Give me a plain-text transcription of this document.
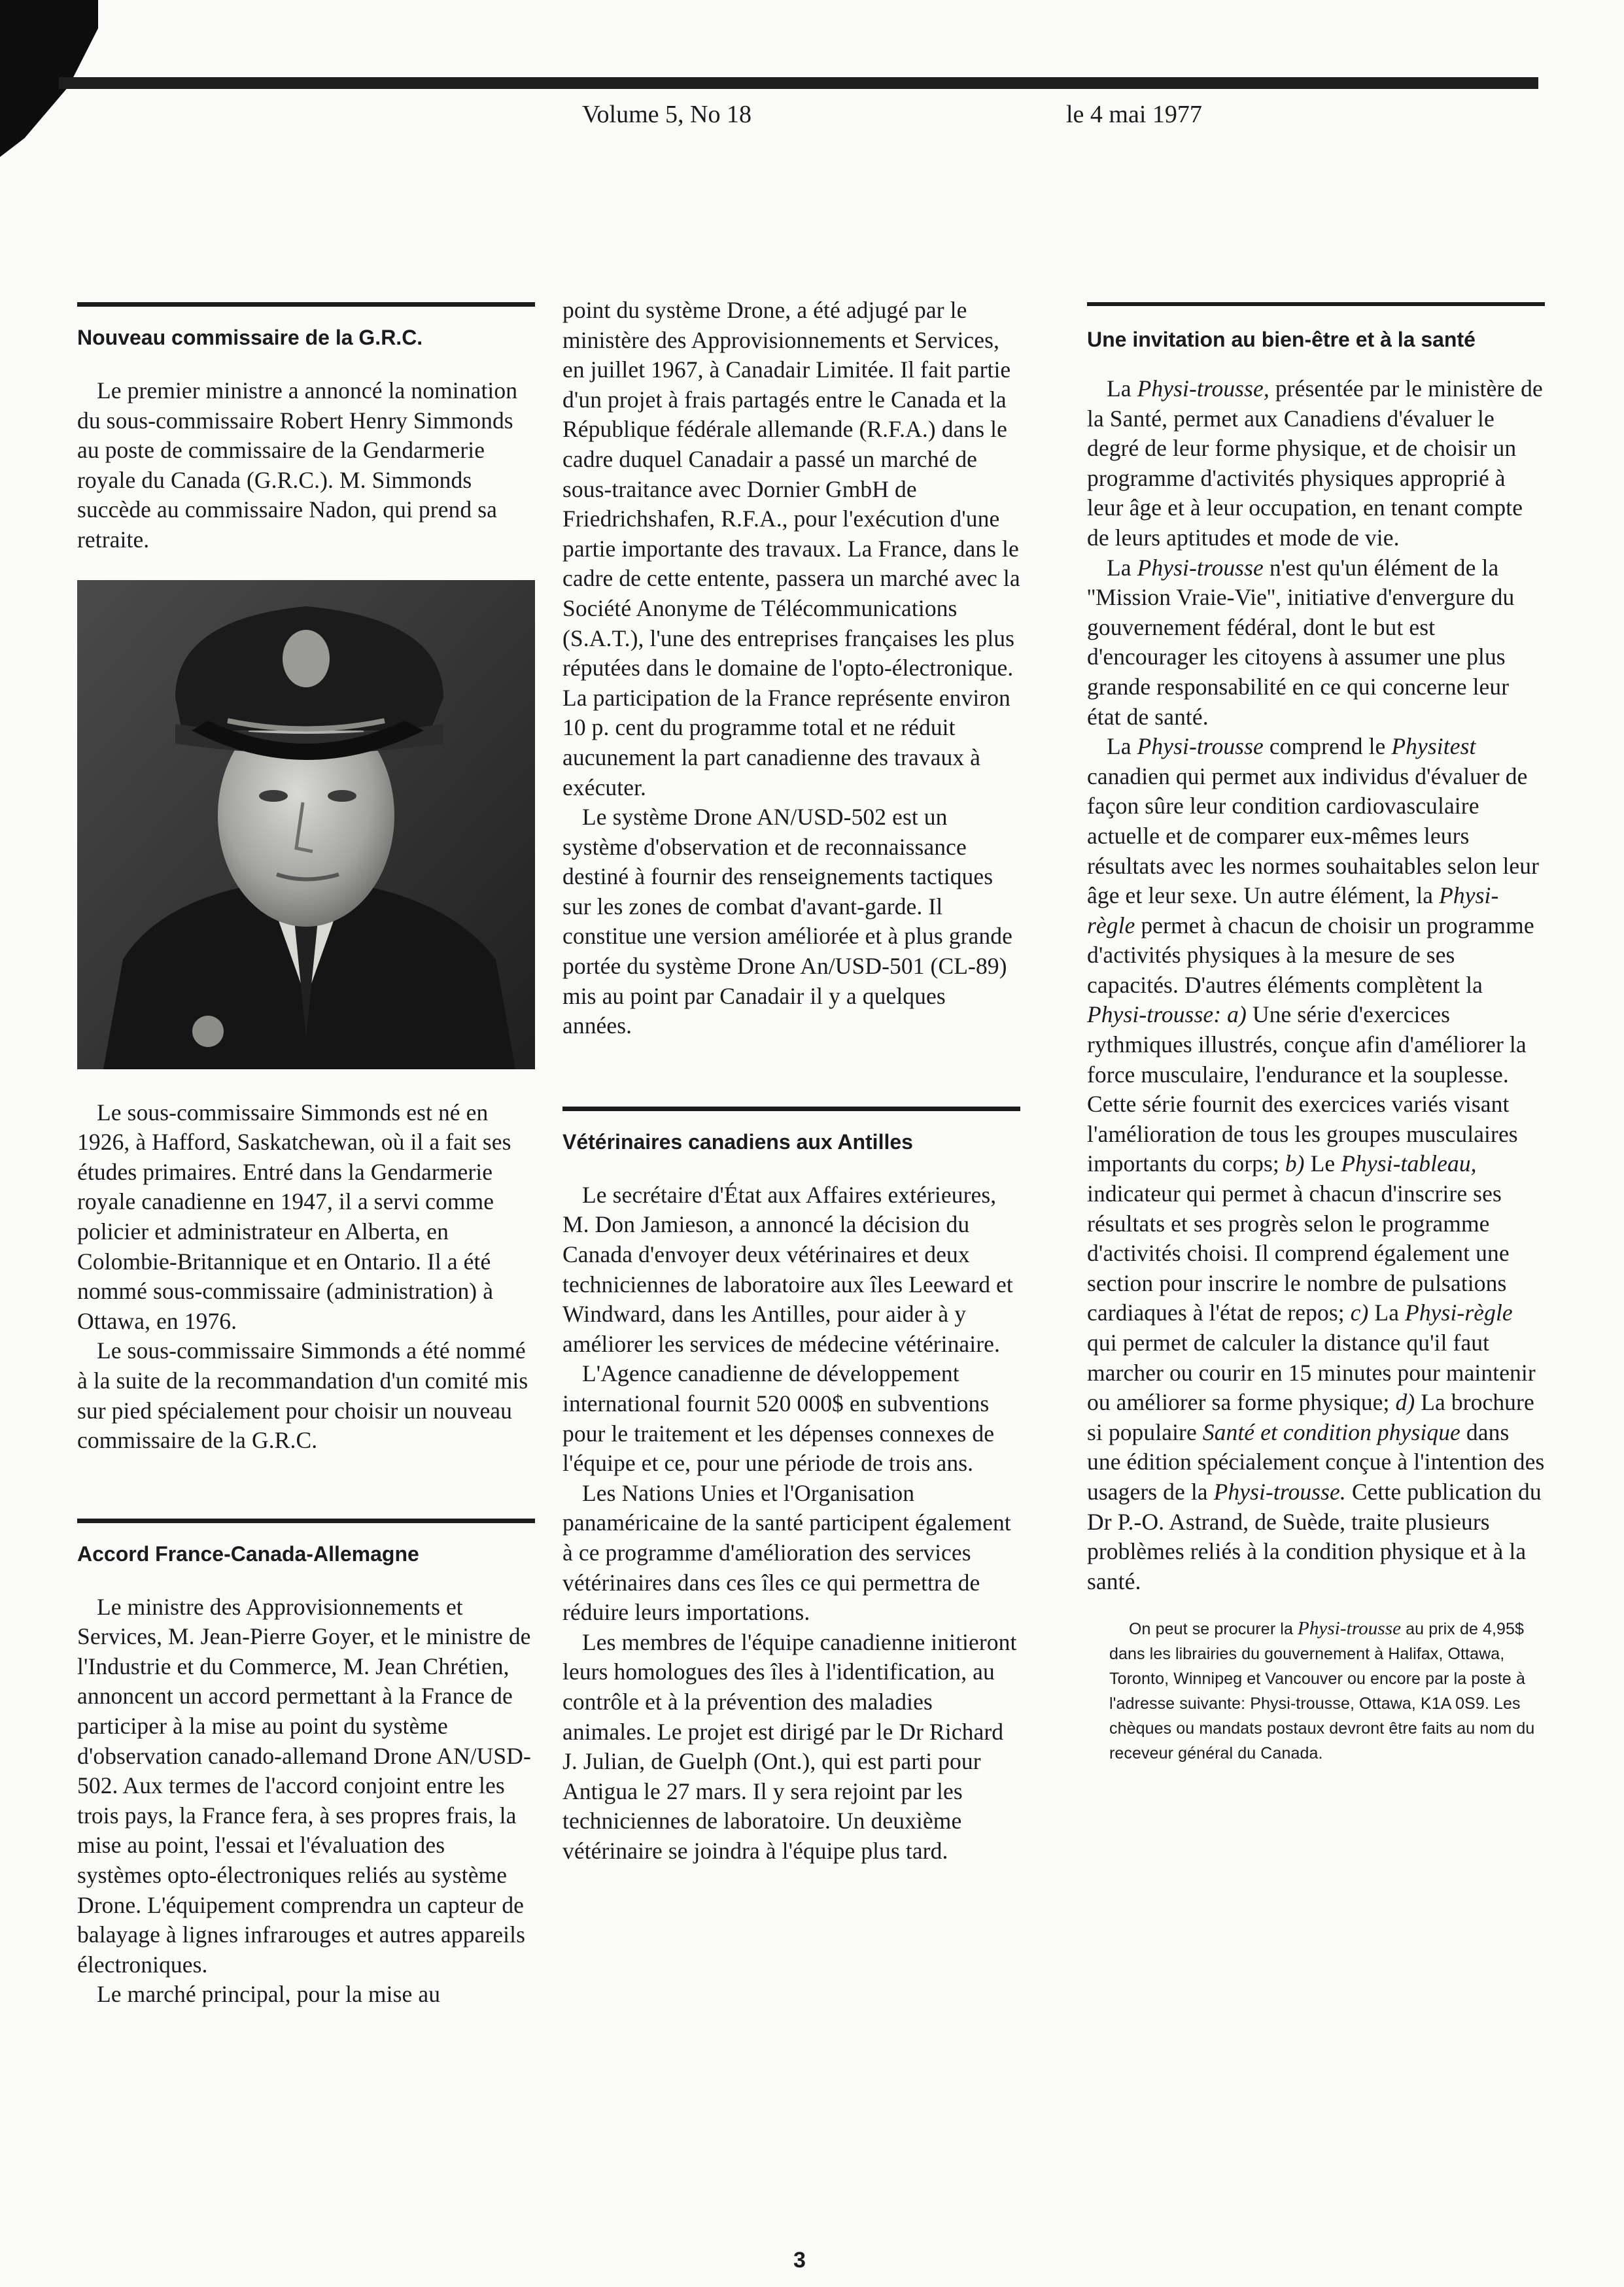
Volume 5, No 18	le 4 mai 1977
Nouveau commissaire de la G.R.C.

Le premier ministre a annoncé la nomination du sous-commissaire Robert Henry Simmonds au poste de commissaire de la Gendarmerie royale du Canada (G.R.C.). M. Simmonds succède au commissaire Nadon, qui prend sa retraite.

Le sous-commissaire Simmonds est né en 1926, à Hafford, Saskatchewan, où il a fait ses études primaires. Entré dans la Gendarmerie royale canadienne en 1947, il a servi comme policier et administrateur en Alberta, en Colombie-Britannique et en Ontario. Il a été nommé sous-commissaire (administration) à Ottawa, en 1976.

Le sous-commissaire Simmonds a été nommé à la suite de la recommandation d'un comité mis sur pied spécialement pour choisir un nouveau commissaire de la G.R.C.

Accord France-Canada-Allemagne

Le ministre des Approvisionnements et Services, M. Jean-Pierre Goyer, et le ministre de l'Industrie et du Commerce, M. Jean Chrétien, annoncent un accord permettant à la France de participer à la mise au point du système d'observation canado-allemand Drone AN/USD-502. Aux termes de l'accord conjoint entre les trois pays, la France fera, à ses propres frais, la mise au point, l'essai et l'évaluation des systèmes opto-électroniques reliés au système Drone. L'équipement comprendra un capteur de balayage à lignes infrarouges et autres appareils électroniques.

Le marché principal, pour la mise au

point du système Drone, a été adjugé par le ministère des Approvisionnements et Services, en juillet 1967, à Canadair Limitée. Il fait partie d'un projet à frais partagés entre le Canada et la République fédérale allemande (R.F.A.) dans le cadre duquel Canadair a passé un marché de sous-traitance avec Dornier GmbH de Friedrichshafen, R.F.A., pour l'exécution d'une partie importante des travaux. La France, dans le cadre de cette entente, passera un marché avec la Société Anonyme de Télécommunications (S.A.T.), l'une des entreprises françaises les plus réputées dans le domaine de l'opto-électronique. La participation de la France représente environ 10 p. cent du programme total et ne réduit aucunement la part canadienne des travaux à exécuter.

Le système Drone AN/USD-502 est un système d'observation et de reconnaissance destiné à fournir des renseignements tactiques sur les zones de combat d'avant-garde. Il constitue une version améliorée et à plus grande portée du système Drone An/USD-501 (CL-89) mis au point par Canadair il y a quelques années.

Vétérinaires canadiens aux Antilles

Le secrétaire d'État aux Affaires extérieures, M. Don Jamieson, a annoncé la décision du Canada d'envoyer deux vétérinaires et deux techniciennes de laboratoire aux îles Leeward et Windward, dans les Antilles, pour aider à y améliorer les services de médecine vétérinaire.

L'Agence canadienne de développement international fournit 520 000$ en subventions pour le traitement et les dépenses connexes de l'équipe et ce, pour une période de trois ans.

Les Nations Unies et l'Organisation panaméricaine de la santé participent également à ce programme d'amélioration des services vétérinaires dans ces îles ce qui permettra de réduire leurs importations.

Les membres de l'équipe canadienne initieront leurs homologues des îles à l'identification, au contrôle et à la prévention des maladies animales. Le projet est dirigé par le Dr Richard J. Julian, de Guelph (Ont.), qui est parti pour Antigua le 27 mars. Il y sera rejoint par les techniciennes de laboratoire. Un deuxième vétérinaire se joindra à l'équipe plus tard.

Une invitation au bien-être et à la santé

La Physi-trousse, présentée par le ministère de la Santé, permet aux Canadiens d'évaluer le degré de leur forme physique, et de choisir un programme d'activités physiques approprié à leur âge et à leur occupation, en tenant compte de leurs aptitudes et mode de vie.

La Physi-trousse n'est qu'un élément de la ''Mission Vraie-Vie'', initiative d'envergure du gouvernement fédéral, dont le but est d'encourager les citoyens à assumer une plus grande responsabilité en ce qui concerne leur état de santé.

La Physi-trousse comprend le Physitest canadien qui permet aux individus d'évaluer de façon sûre leur condition cardiovasculaire actuelle et de comparer eux-mêmes leurs résultats avec les normes souhaitables selon leur âge et leur sexe. Un autre élément, la Physi-règle permet à chacun de choisir un programme d'activités physiques à la mesure de ses capacités. D'autres éléments complètent la Physi-trousse: a) Une série d'exercices rythmiques illustrés, conçue afin d'améliorer la force musculaire, l'endurance et la souplesse. Cette série fournit des exercices variés visant l'amélioration de tous les groupes musculaires importants du corps; b) Le Physi-tableau, indicateur qui permet à chacun d'inscrire ses résultats et ses progrès selon le programme d'activités choisi. Il comprend également une section pour inscrire le nombre de pulsations cardiaques à l'état de repos; c) La Physi-règle qui permet de calculer la distance qu'il faut marcher ou courir en 15 minutes pour maintenir ou améliorer sa forme physique; d) La brochure si populaire Santé et condition physique dans une édition spécialement conçue à l'intention des usagers de la Physi-trousse. Cette publication du Dr P.-O. Astrand, de Suède, traite plusieurs problèmes reliés à la condition physique et à la santé.

On peut se procurer la Physi-trousse au prix de 4,95$ dans les librairies du gouvernement à Halifax, Ottawa, Toronto, Winnipeg et Vancouver ou encore par la poste à l'adresse suivante: Physi-trousse, Ottawa, K1A 0S9. Les chèques ou mandats postaux devront être faits au nom du receveur général du Canada.

3
